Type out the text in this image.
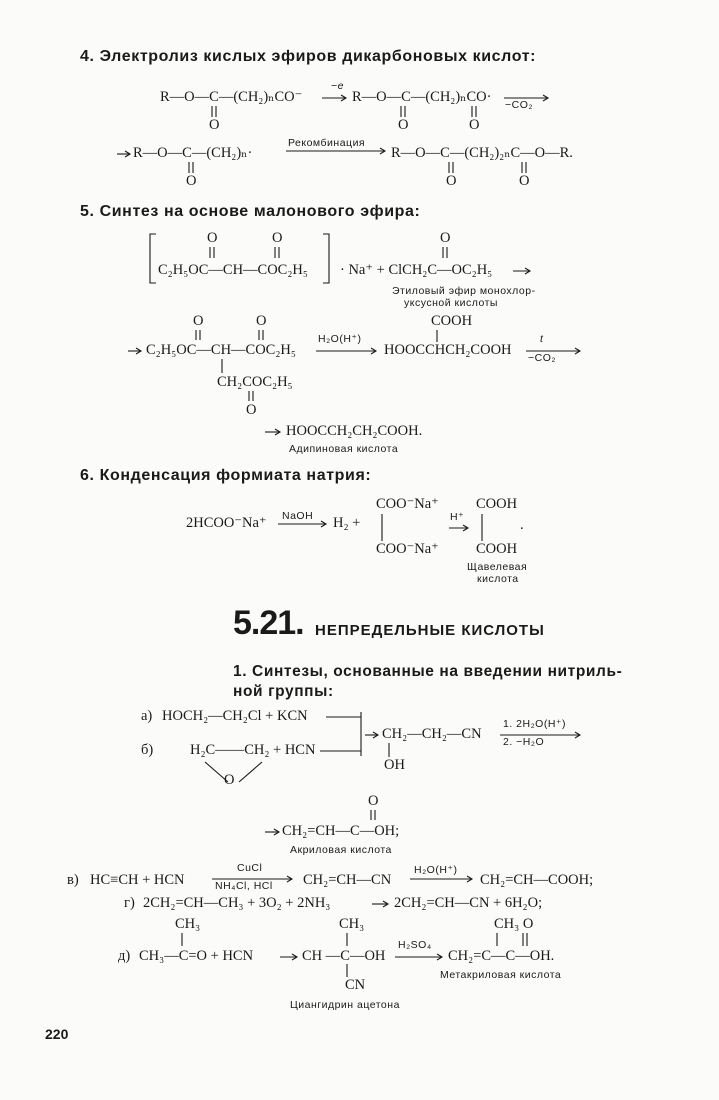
4. Электролиз кислых эфиров дикарбоновых кислот:
R—O—C—(CH₂)ₙCO⁻
O
−e
R—O—C—(CH₂)ₙCO·
O	O
−CO₂
R—O—C—(CH₂)ₙ·
O
Рекомбинация
R—O—C—(CH₂)₂ₙC—O—R.
O	O
5. Синтез на основе малонового эфира:
O	O
C₂H₅OC—CH—COC₂H₅
O
· Na⁺ + ClCH₂C—OC₂H₅
Этиловый эфир монохлор-
уксусной кислоты
O	O
C₂H₅OC—CH—COC₂H₅
CH₂COC₂H₅
O
H₂O(H⁺)
COOH
HOOCCHCH₂COOH
t
−CO₂
HOOCCH₂CH₂COOH.
Адипиновая кислота
6. Конденсация формиата натрия:
2HCOO⁻Na⁺ NaOH H₂ +
COO⁻Na⁺
COO⁻Na⁺
H⁺
COOH
COOH
.
Щавелевая
кислота
5.21. НЕПРЕДЕЛЬНЫЕ КИСЛОТЫ
1. Синтезы, основанные на введении нитриль-
ной группы:
а) HOCH₂—CH₂Cl + KCN
б)	H₂C——CH₂ + HCN
O
CH₂—CH₂—CN
OH
1. 2H₂O(H⁺)
2. −H₂O
O
CH₂=CH—C—OH;
Акриловая кислота
в) HC≡CH + HCN
CuCl
NH₄Cl, HCl CH₂=CH—CN
H₂O(H⁺)
CH₂=CH—COOH;
г) 2CH₂=CH—CH₃ + 3O₂ + 2NH₃	2CH₂=CH—CN + 6H₂O;
CH₃
д) CH₃—C=O + HCN
CH₃
CH —C—OH
CN
H₂SO₄
CH₃ O
CH₂=C—C—OH.
Метакриловая кислота
Циангидрин ацетона
220
